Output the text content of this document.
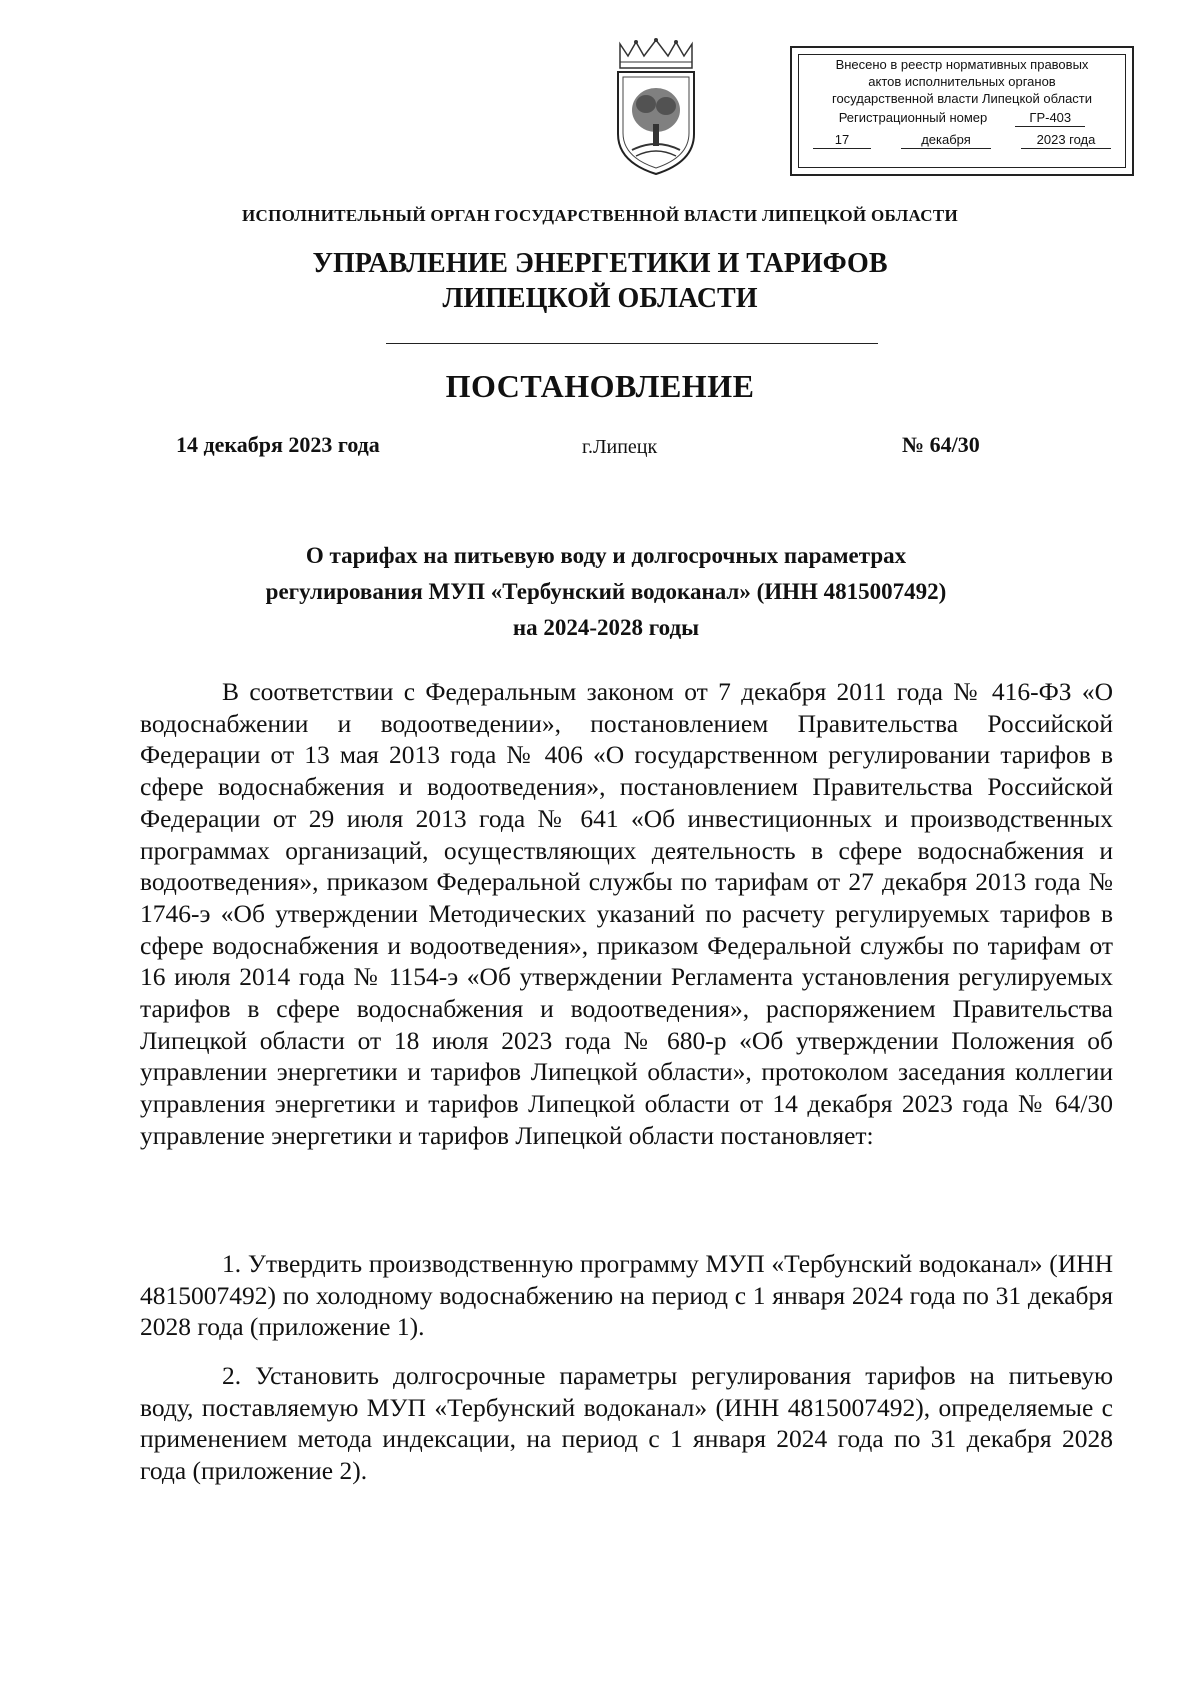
Внесено в реестр нормативных правовых
актов исполнительных органов
государственной власти Липецкой области
Регистрационный номер	ГР-403
17	декабря	2023 года
ИСПОЛНИТЕЛЬНЫЙ ОРГАН ГОСУДАРСТВЕННОЙ ВЛАСТИ ЛИПЕЦКОЙ ОБЛАСТИ
УПРАВЛЕНИЕ ЭНЕРГЕТИКИ И ТАРИФОВ
ЛИПЕЦКОЙ ОБЛАСТИ
ПОСТАНОВЛЕНИЕ
14 декабря 2023 года	г.Липецк	№ 64/30
О тарифах на питьевую воду и долгосрочных параметрах
регулирования МУП «Тербунский водоканал» (ИНН 4815007492)
на 2024-2028 годы
В соответствии с Федеральным законом от 7 декабря 2011 года № 416-ФЗ «О водоснабжении и водоотведении», постановлением Правительства Российской Федерации от 13 мая 2013 года № 406 «О государственном регулировании тарифов в сфере водоснабжения и водоотведения», постановлением Правительства Российской Федерации от 29 июля 2013 года № 641 «Об инвестиционных и производственных программах организаций, осуществляющих деятельность в сфере водоснабжения и водоотведения», приказом Федеральной службы по тарифам от 27 декабря 2013 года № 1746-э «Об утверждении Методических указаний по расчету регулируемых тарифов в сфере водоснабжения и водоотведения», приказом Федеральной службы по тарифам от 16 июля 2014 года № 1154-э «Об утверждении Регламента установления регулируемых тарифов в сфере водоснабжения и водоотведения», распоряжением Правительства Липецкой области от 18 июля 2023 года № 680-р «Об утверждении Положения об управлении энергетики и тарифов Липецкой области», протоколом заседания коллегии управления энергетики и тарифов Липецкой области от 14 декабря 2023 года № 64/30 управление энергетики и тарифов Липецкой области постановляет:
1. Утвердить производственную программу МУП «Тербунский водоканал» (ИНН 4815007492) по холодному водоснабжению на период с 1 января 2024 года по 31 декабря 2028 года (приложение 1).
2. Установить долгосрочные параметры регулирования тарифов на питьевую воду, поставляемую МУП «Тербунский водоканал» (ИНН 4815007492), определяемые с применением метода индексации, на период с 1 января 2024 года по 31 декабря 2028 года (приложение 2).
